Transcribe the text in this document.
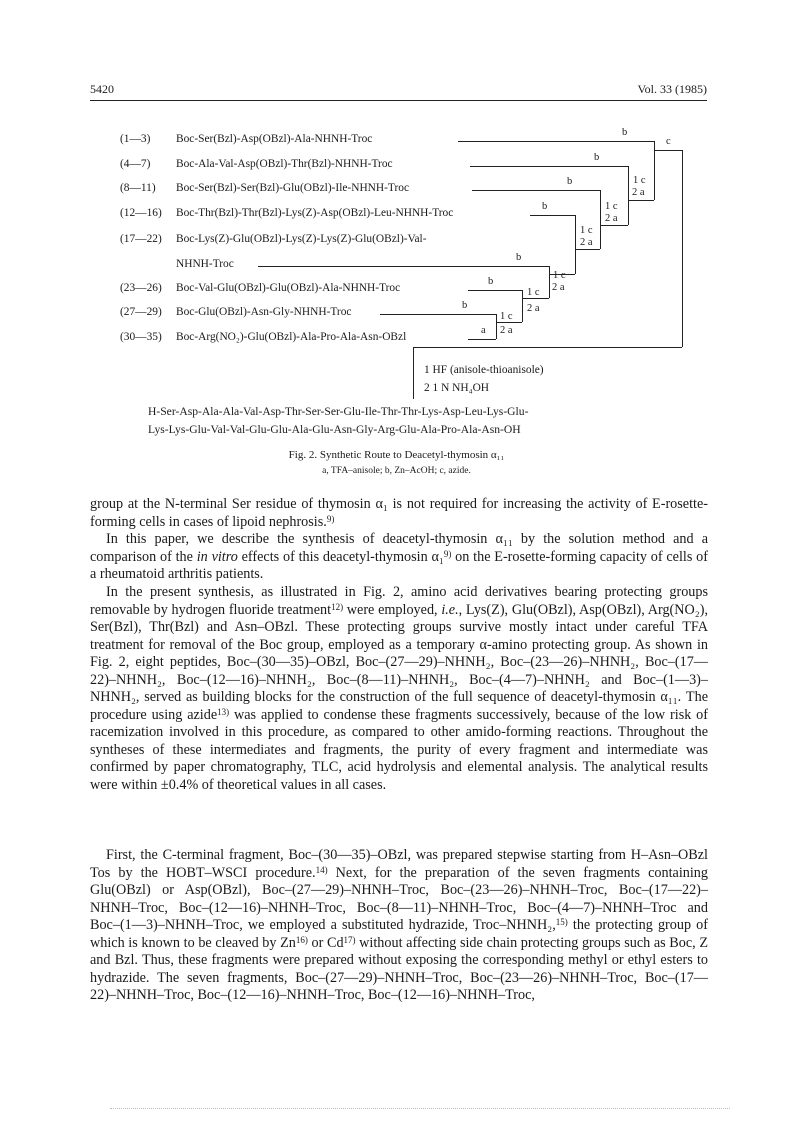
5420	Vol. 33 (1985)
(1—3) Boc-Ser(Bzl)-Asp(OBzl)-Ala-NHNH-Troc
(4—7) Boc-Ala-Val-Asp(OBzl)-Thr(Bzl)-NHNH-Troc
(8—11) Boc-Ser(Bzl)-Ser(Bzl)-Glu(OBzl)-Ile-NHNH-Troc
(12—16) Boc-Thr(Bzl)-Thr(Bzl)-Lys(Z)-Asp(OBzl)-Leu-NHNH-Troc
(17—22) Boc-Lys(Z)-Glu(OBzl)-Lys(Z)-Lys(Z)-Glu(OBzl)-Val-
NHNH-Troc
(23—26) Boc-Val-Glu(OBzl)-Glu(OBzl)-Ala-NHNH-Troc
(27—29) Boc-Glu(OBzl)-Asn-Gly-NHNH-Troc
(30—35) Boc-Arg(NO₂)-Glu(OBzl)-Ala-Pro-Ala-Asn-OBzl
b
b
b
b
b
b
b
a
c
1 c
2 a
1 c
2 a
1 c
2 a
1 c
2 a
1 c
2 a
1 c
2 a
1 HF (anisole-thioanisole)
2 1 N NH₄OH
H-Ser-Asp-Ala-Ala-Val-Asp-Thr-Ser-Ser-Glu-Ile-Thr-Thr-Lys-Asp-Leu-Lys-Glu-
Lys-Lys-Glu-Val-Val-Glu-Glu-Ala-Glu-Asn-Gly-Arg-Glu-Ala-Pro-Ala-Asn-OH
Fig. 2. Synthetic Route to Deacetyl-thymosin α₁₁
a, TFA–anisole; b, Zn–AcOH; c, azide.

group at the N-terminal Ser residue of thymosin α₁ is not required for increasing the activity of E-rosette-forming cells in cases of lipoid nephrosis.$^{9)}$

In this paper, we describe the synthesis of deacetyl-thymosin α₁₁ by the solution method and a comparison of the in vitro effects of this deacetyl-thymosin α₁$^{9)}$ on the E-rosette-forming capacity of cells of a rheumatoid arthritis patients.

In the present synthesis, as illustrated in Fig. 2, amino acid derivatives bearing protecting groups removable by hydrogen fluoride treatment$^{12)}$ were employed, i.e., Lys(Z), Glu(OBzl), Asp(OBzl), Arg(NO₂), Ser(Bzl), Thr(Bzl) and Asn–OBzl. These protecting groups survive mostly intact under careful TFA treatment for removal of the Boc group, employed as a temporary α-amino protecting group. As shown in Fig. 2, eight peptides, Boc–(30—35)–OBzl, Boc–(27—29)–NHNH₂, Boc–(23—26)–NHNH₂, Boc–(17—22)–NHNH₂, Boc–(12—16)–NHNH₂, Boc–(8—11)–NHNH₂, Boc–(4—7)–NHNH₂ and Boc–(1—3)–NHNH₂, served as building blocks for the construction of the full sequence of deacetyl-thymosin α₁₁. The procedure using azide$^{13)}$ was applied to condense these fragments successively, because of the low risk of racemization involved in this procedure, as compared to other amido-forming reactions. Throughout the syntheses of these intermediates and fragments, the purity of every fragment and intermediate was confirmed by paper chromatography, TLC, acid hydrolysis and elemental analysis. The analytical results were within ±0.4% of theoretical values in all cases.

First, the C-terminal fragment, Boc–(30—35)–OBzl, was prepared stepwise starting from H–Asn–OBzl Tos by the HOBT–WSCI procedure.$^{14)}$ Next, for the preparation of the seven fragments containing Glu(OBzl) or Asp(OBzl), Boc–(27—29)–NHNH–Troc, Boc–(23—26)–NHNH–Troc, Boc–(17—22)–NHNH–Troc, Boc–(12—16)–NHNH–Troc, Boc–(8—11)–NHNH–Troc, Boc–(4—7)–NHNH–Troc and Boc–(1—3)–NHNH–Troc, we employed a substituted hydrazide, Troc–NHNH₂,$^{15)}$ the protecting group of which is known to be cleaved by Zn$^{16)}$ or Cd$^{17)}$ without affecting side chain protecting groups such as Boc, Z and Bzl. Thus, these fragments were prepared without exposing the corresponding methyl or ethyl esters to hydrazide. The seven fragments, Boc–(27—29)–NHNH–Troc, Boc–(23—26)–NHNH–Troc, Boc–(17—22)–NHNH–Troc, Boc–(12—16)–NHNH–Troc, Boc–(12—16)–NHNH–Troc,
